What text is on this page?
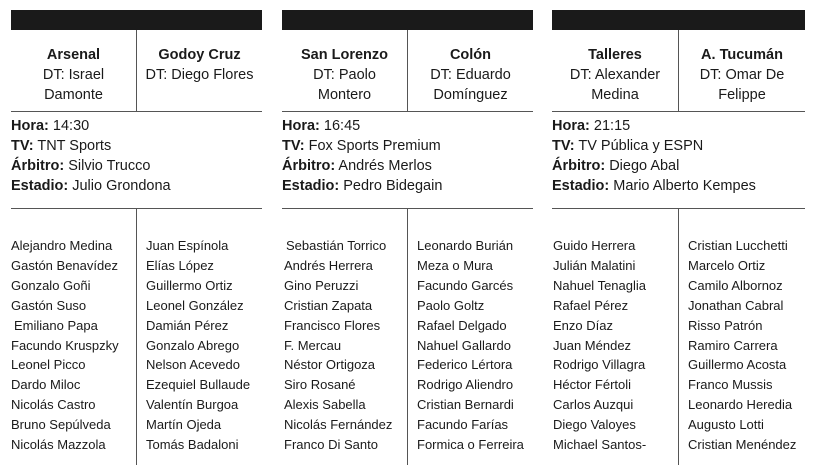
Arsenal
DT: Israel Damonte
Godoy Cruz
DT: Diego Flores
Hora: 14:30
TV: TNT Sports
Árbitro: Silvio Trucco
Estadio: Julio Grondona
Alejandro Medina
Gastón Benavídez
Gonzalo Goñi
Gastón Suso
Emiliano Papa
Facundo Kruspzky
Leonel Picco
Dardo Miloc
Nicolás Castro
Bruno Sepúlveda
Nicolás Mazzola
Juan Espínola
Elías López
Guillermo Ortiz
Leonel González
Damián Pérez
Gonzalo Abrego
Nelson Acevedo
Ezequiel Bullaude
Valentín Burgoa
Martín Ojeda
Tomás Badaloni
San Lorenzo
DT: Paolo Montero
Colón
DT: Eduardo Domínguez
Hora: 16:45
TV: Fox Sports Premium
Árbitro: Andrés Merlos
Estadio: Pedro Bidegain
Sebastián Torrico
Andrés Herrera
Gino Peruzzi
Cristian Zapata
Francisco Flores
F. Mercau
Néstor Ortigoza
Siro Rosané
Alexis Sabella
Nicolás Fernández
Franco Di Santo
Leonardo Burián
Meza o Mura
Facundo Garcés
Paolo Goltz
Rafael Delgado
Nahuel Gallardo
Federico Lértora
Rodrigo Aliendro
Cristian Bernardi
Facundo Farías
Formica o Ferreira
Talleres
DT: Alexander Medina
A. Tucumán
DT: Omar De Felippe
Hora: 21:15
TV: TV Pública y ESPN
Árbitro: Diego Abal
Estadio: Mario Alberto Kempes
Guido Herrera
Julián Malatini
Nahuel Tenaglia
Rafael Pérez
Enzo Díaz
Juan Méndez
Rodrigo Villagra
Héctor Fértoli
Carlos Auzqui
Diego Valoyes
Michael Santos-
Cristian Lucchetti
Marcelo Ortiz
Camilo Albornoz
Jonathan Cabral
Risso Patrón
Ramiro Carrera
Guillermo Acosta
Franco Mussis
Leonardo Heredia
Augusto Lotti
Cristian Menéndez
